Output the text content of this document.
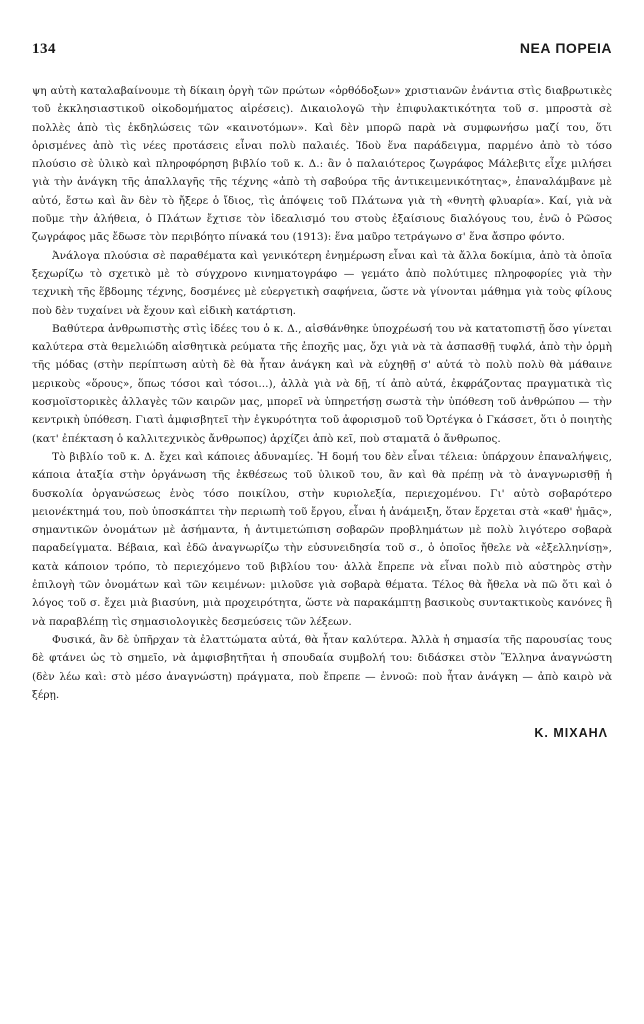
134	ΝΕΑ ΠΟΡΕΙΑ

ψη αὐτὴ καταλαβαίνουμε τὴ δίκαιη ὀργὴ τῶν πρώτων «ὀρθόδοξων» χριστιανῶν ἐνάντια στὶς διαβρωτικὲς τοῦ ἐκκλησιαστικοῦ οἰκοδομήματος αἱρέσεις). Δικαιολογῶ τὴν ἐπιφυλακτικότητα τοῦ σ. μπροστὰ σὲ πολλὲς ἀπὸ τὶς ἐκδηλώσεις τῶν «καινοτόμων». Καὶ δὲν μπορῶ παρὰ νὰ συμφωνήσω μαζί του, ὅτι ὁρισμένες ἀπὸ τὶς νέες προτάσεις εἶναι πολὺ παλαιές. Ἰδοὺ ἕνα παράδειγμα, παρμένο ἀπὸ τὸ τόσο πλούσιο σὲ ὑλικὸ καὶ πληροφόρηση βιβλίο τοῦ κ. Δ.: ἂν ὁ παλαιότερος ζωγράφος Μάλεβιτς εἶχε μιλήσει γιὰ τὴν ἀνάγκη τῆς ἀπαλλαγῆς τῆς τέχνης «ἀπὸ τὴ σαβούρα τῆς ἀντικειμενικότητας», ἐπαναλάμβανε μὲ αὐτό, ἔστω καὶ ἂν δὲν τὸ ἤξερε ὁ ἴδιος, τὶς ἀπόψεις τοῦ Πλάτωνα γιὰ τὴ «θνητὴ φλυαρία». Καί, γιὰ νὰ ποῦμε τὴν ἀλήθεια, ὁ Πλάτων ἔχτισε τὸν ἰδεαλισμό του στοὺς ἐξαίσιους διαλόγους του, ἐνῶ ὁ Ρῶσος ζωγράφος μᾶς ἔδωσε τὸν περιβόητο πίνακά του (1913): ἕνα μαῦρο τετράγωνο σ' ἕνα ἄσπρο φόντο.

Ἀνάλογα πλούσια σὲ παραθέματα καὶ γενικότερη ἐνημέρωση εἶναι καὶ τὰ ἄλλα δοκίμια, ἀπὸ τὰ ὁποῖα ξεχωρίζω τὸ σχετικὸ μὲ τὸ σύγχρονο κινηματογράφο — γεμάτο ἀπὸ πολύτιμες πληροφορίες γιὰ τὴν τεχνικὴ τῆς ἕβδομης τέχνης, δοσμένες μὲ εὐεργετικὴ σαφήνεια, ὥστε νὰ γίνονται μάθημα γιὰ τοὺς φίλους ποὺ δὲν τυχαίνει νὰ ἔχουν καὶ εἰδικὴ κατάρτιση.

Βαθύτερα ἀνθρωπιστὴς στὶς ἰδέες του ὁ κ. Δ., αἰσθάνθηκε ὑποχρέωσή του νὰ κατατοπιστῇ ὅσο γίνεται καλύτερα στὰ θεμελιώδη αἰσθητικὰ ρεύματα τῆς ἐποχῆς μας, ὄχι γιὰ νὰ τὰ ἀσπασθῇ τυφλά, ἀπὸ τὴν ὁρμὴ τῆς μόδας (στὴν περίπτωση αὐτὴ δὲ θὰ ἦταν ἀνάγκη καὶ νὰ εὐχηθῇ σ' αὐτά τὸ πολὺ πολὺ θὰ μάθαινε μερικοὺς «ὅρους», ὅπως τόσοι καὶ τόσοι...), ἀλλὰ γιὰ νὰ δῇ, τί ἀπὸ αὐτά, ἐκφράζοντας πραγματικὰ τὶς κοσμοϊστορικὲς ἀλλαγὲς τῶν καιρῶν μας, μπορεῖ νὰ ὑπηρετήσῃ σωστὰ τὴν ὑπόθεση τοῦ ἀνθρώπου — τὴν κεντρικὴ ὑπόθεση. Γιατὶ ἀμφισβητεῖ τὴν ἐγκυρότητα τοῦ ἀφορισμοῦ τοῦ Ὀρτέγκα ὁ Γκάσσετ, ὅτι ὁ ποιητὴς (κατ' ἐπέκταση ὁ καλλιτεχνικὸς ἄνθρωπος) ἀρχίζει ἀπὸ κεῖ, ποὺ σταματᾶ ὁ ἄνθρωπος.

Τὸ βιβλίο τοῦ κ. Δ. ἔχει καὶ κάποιες ἀδυναμίες. Ἡ δομή του δὲν εἶναι τέλεια: ὑπάρχουν ἐπαναλήψεις, κάποια ἀταξία στὴν ὀργάνωση τῆς ἐκθέσεως τοῦ ὑλικοῦ του, ἂν καὶ θὰ πρέπῃ νὰ τὸ ἀναγνωρισθῇ ἡ δυσκολία ὀργανώσεως ἑνὸς τόσο ποικίλου, στὴν κυριολεξία, περιεχομένου. Γι' αὐτὸ σοβαρότερο μειονέκτημά του, ποὺ ὑποσκάπτει τὴν περιωπὴ τοῦ ἔργου, εἶναι ἡ ἀνάμειξη, ὅταν ἔρχεται στὰ «καθ' ἡμᾶς», σημαντικῶν ὀνομάτων μὲ ἀσήμαντα, ἡ ἀντιμετώπιση σοβαρῶν προβλημάτων μὲ πολὺ λιγότερο σοβαρὰ παραδείγματα. Βέβαια, καὶ ἐδῶ ἀναγνωρίζω τὴν εὐσυνειδησία τοῦ σ., ὁ ὁποῖος ἤθελε νὰ «ἐξελληνίσῃ», κατὰ κάποιον τρόπο, τὸ περιεχόμενο τοῦ βιβλίου του· ἀλλὰ ἔπρεπε νὰ εἶναι πολὺ πιὸ αὐστηρὸς στὴν ἐπιλογὴ τῶν ὀνομάτων καὶ τῶν κειμένων: μιλοῦσε γιὰ σοβαρὰ θέματα. Τέλος θὰ ἤθελα νὰ πῶ ὅτι καὶ ὁ λόγος τοῦ σ. ἔχει μιὰ βιασύνη, μιὰ προχειρότητα, ὥστε νὰ παρακάμπτῃ βασικοὺς συντακτικοὺς κανόνες ἢ νὰ παραβλέπῃ τὶς σημασιολογικὲς δεσμεύσεις τῶν λέξεων.

Φυσικά, ἂν δὲ ὑπῆρχαν τὰ ἐλαττώματα αὐτά, θὰ ἦταν καλύτερα. Ἀλλὰ ἡ σημασία τῆς παρουσίας τους δὲ φτάνει ὡς τὸ σημεῖο, νὰ ἀμφισβητῆται ἡ σπουδαία συμβολή του: διδάσκει στὸν Ἕλληνα ἀναγνώστη (δὲν λέω καὶ: στὸ μέσο ἀναγνώστη) πράγματα, ποὺ ἔπρεπε — ἐννοῶ: ποὺ ἦταν ἀνάγκη — ἀπὸ καιρὸ νὰ ξέρῃ.

Κ. ΜΙΧΑΗΛ
